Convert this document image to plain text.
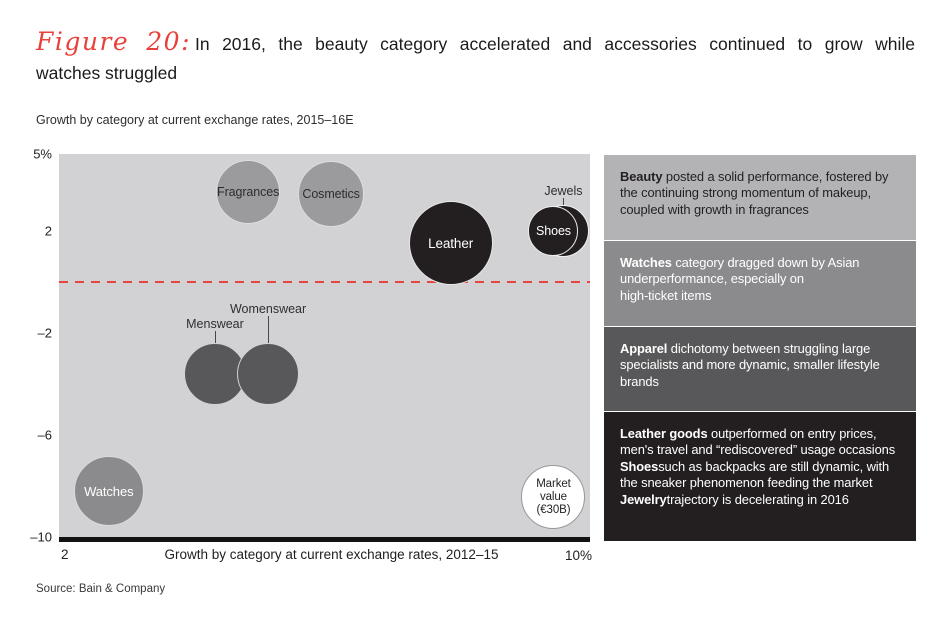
Figure 20: In 2016, the beauty category accelerated and accessories continued to grow while
watches struggled
Growth by category at current exchange rates, 2015–16E
5%
2
–2
–6
–10
Fragrances Cosmetics
Leather
Jewels
Shoes
Menswear
Womenswear
Watches	Market
value
(€30B)
2	Growth by category at current exchange rates, 2012–15	10%
Source: Bain & Company
Beauty posted a solid performance, fostered by the continuing strong momentum of makeup, coupled with growth in fragrances
Watches category dragged down by Asian underperformance, especially on
high-ticket items
Apparel dichotomy between struggling large specialists and more dynamic, smaller lifestyle brands
Leather goods outperformed on entry prices, men's travel and “rediscovered” usage occasions such as backpacks
Shoes	are still dynamic, with the sneaker phenomenon feeding the market
Jewelry trajectory is decelerating in 2016
